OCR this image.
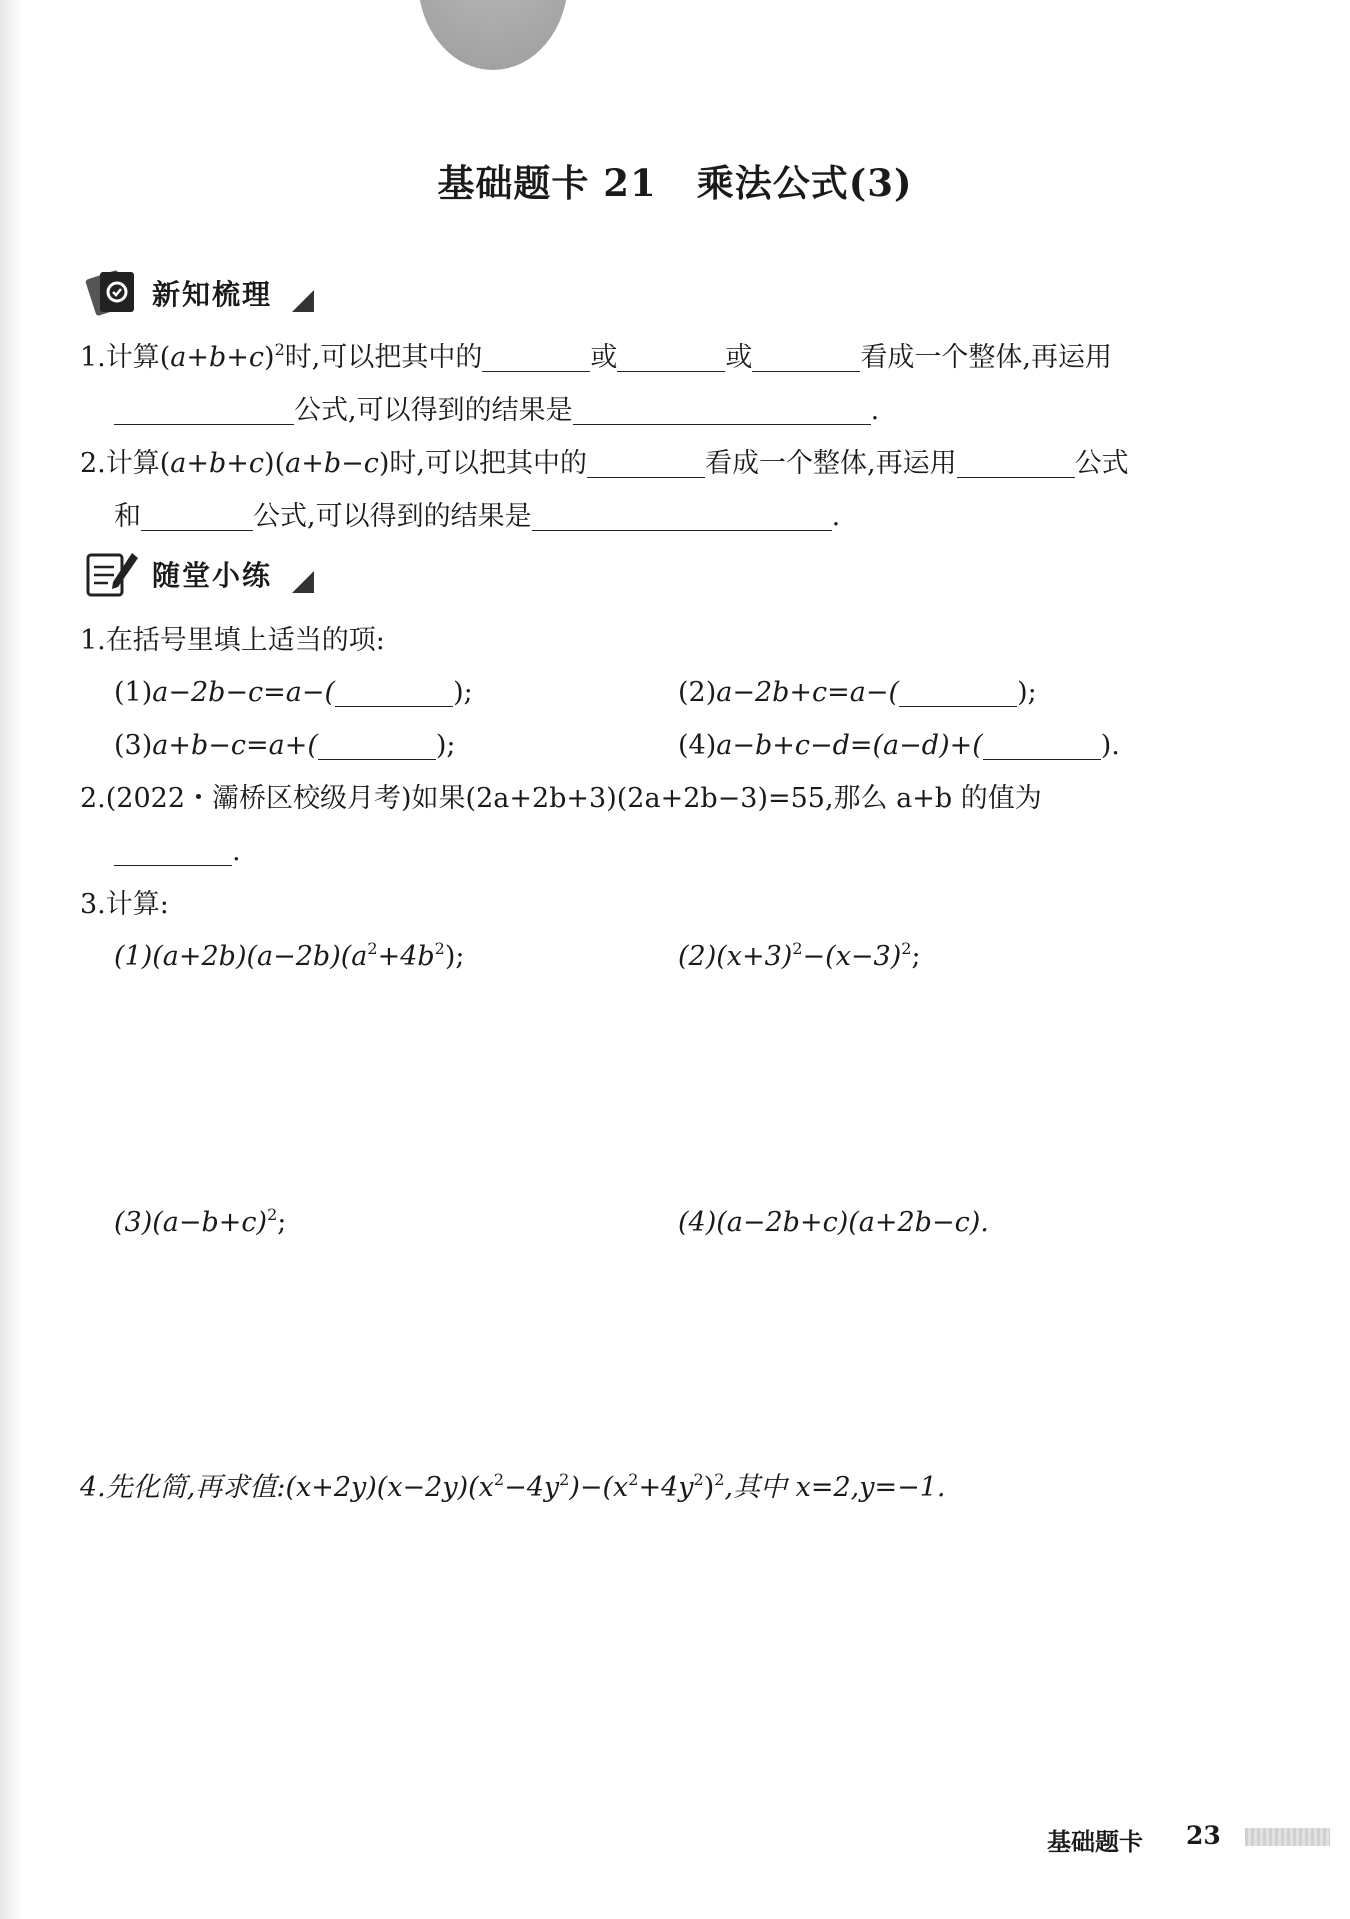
基础题卡 21 乘法公式(3)
新知梳理
1.计算$(a+b+c)^2$时,可以把其中的	或	或	看成一个整体,再运用
公式,可以得到的结果是	.
2.计算(a+b+c)(a+b−c)时,可以把其中的	看成一个整体,再运用	公式
和	公式,可以得到的结果是	.
随堂小练
1.在括号里填上适当的项:
(1)a−2b−c=a−(	);	(2)a−2b+c=a−(	);
(3)a+b−c=a+(	);	(4)a−b+c−d=(a−d)+(	).
2.(2022・灞桥区校级月考)如果(2a+2b+3)(2a+2b−3)=55,那么 a+b 的值为
.
3.计算:
$(1)(a+2b)(a-2b)(a^2+4b^2)$;	$(2)(x+3)^2-(x-3)^2$;
$(3)(a-b+c)^2$;	(4)(a−2b+c)(a+2b−c).
4.先化简,再求值$:(x+2y)(x-2y)(x^2-4y^2)-(x^2+4y^2)^2$,其中 x=2,y=−1.
基础题卡 23
